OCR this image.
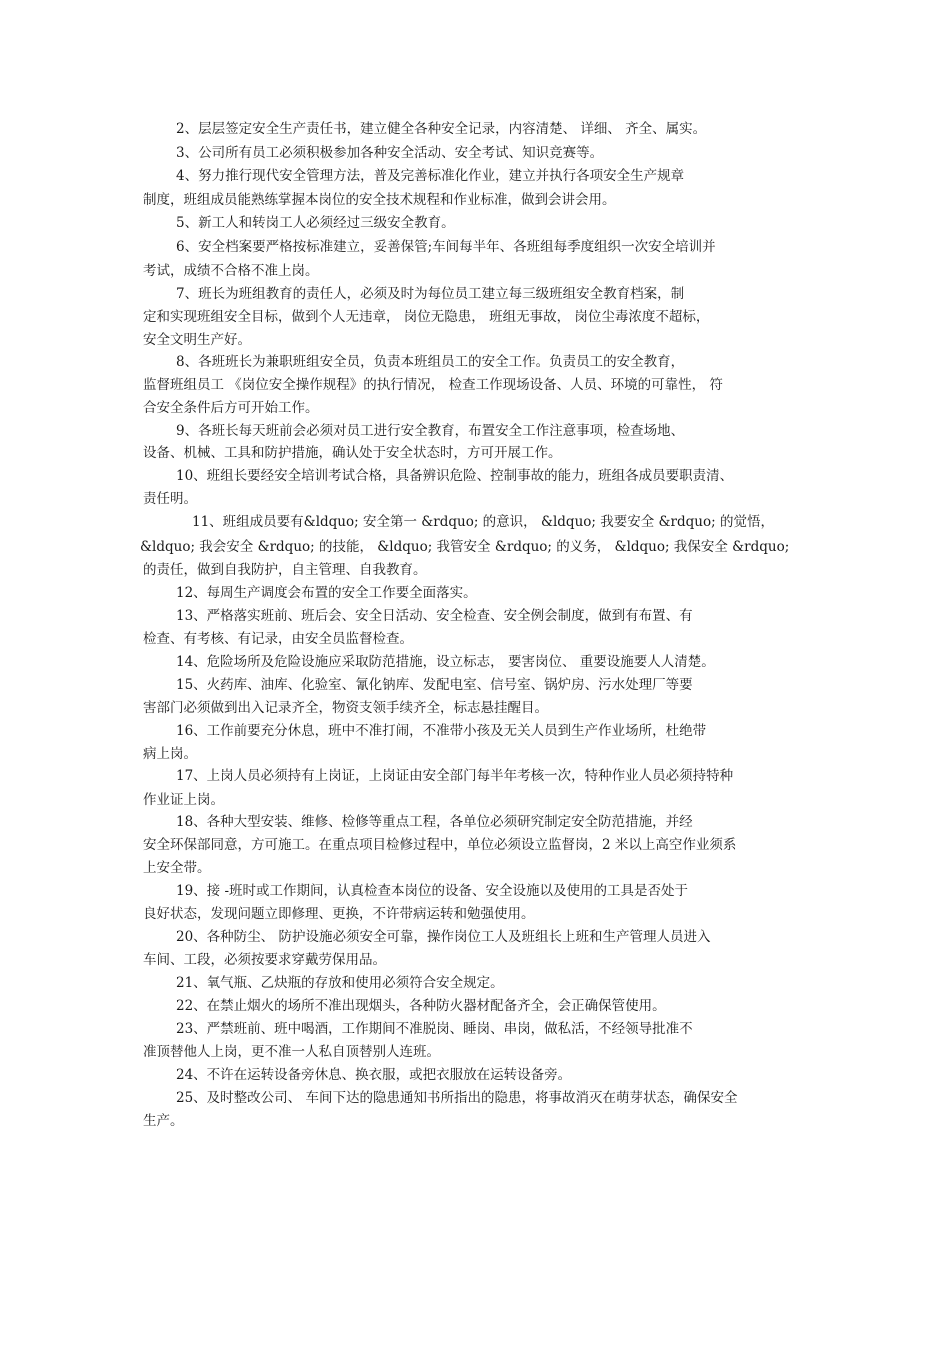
2、层层签定安全生产责任书，建立健全各种安全记录，内容清楚、 详细、 齐全、属实。
3、公司所有员工必须积极参加各种安全活动、安全考试、知识竞赛等。
4、努力推行现代安全管理方法，普及完善标准化作业，建立并执行各项安全生产规章
制度，班组成员能熟练掌握本岗位的安全技术规程和作业标准，做到会讲会用。
5、新工人和转岗工人必须经过三级安全教育。
6、安全档案要严格按标准建立，妥善保管;车间每半年、各班组每季度组织一次安全培训并
考试，成绩不合格不准上岗。
7、班长为班组教育的责任人，必须及时为每位员工建立每三级班组安全教育档案，制
定和实现班组安全目标，做到个人无违章， 岗位无隐患， 班组无事故， 岗位尘毒浓度不超标，
安全文明生产好。
8、各班班长为兼职班组安全员，负责本班组员工的安全工作。负责员工的安全教育，
监督班组员工 《岗位安全操作规程》的执行情况， 检查工作现场设备、人员、环境的可靠性， 符
合安全条件后方可开始工作。
9、各班长每天班前会必须对员工进行安全教育，布置安全工作注意事项，检查场地、
设备、机械、工具和防护措施，确认处于安全状态时，方可开展工作。
10、班组长要经安全培训考试合格，具备辨识危险、控制事故的能力，班组各成员要职责清、
责任明。
11、班组成员要有&ldquo; 安全第一 &rdquo; 的意识， &ldquo; 我要安全 &rdquo; 的觉悟，
&ldquo; 我会安全 &rdquo; 的技能， &ldquo; 我管安全 &rdquo; 的义务， &ldquo; 我保安全 &rdquo;
的责任，做到自我防护，自主管理、自我教育。
12、每周生产调度会布置的安全工作要全面落实。
13、严格落实班前、班后会、安全日活动、安全检查、安全例会制度，做到有布置、有
检查、有考核、有记录，由安全员监督检查。
14、危险场所及危险设施应采取防范措施，设立标志， 要害岗位、 重要设施要人人清楚。
15、火药库、油库、化验室、氰化钠库、发配电室、信号室、锅炉房、污水处理厂等要
害部门必须做到出入记录齐全，物资支领手续齐全，标志悬挂醒目。
16、工作前要充分休息，班中不准打闹，不准带小孩及无关人员到生产作业场所，杜绝带
病上岗。
17、上岗人员必须持有上岗证，上岗证由安全部门每半年考核一次，特种作业人员必须持特种
作业证上岗。
18、各种大型安装、维修、检修等重点工程，各单位必须研究制定安全防范措施，并经
安全环保部同意，方可施工。在重点项目检修过程中，单位必须设立监督岗，2 米以上高空作业须系
上安全带。
19、接 -班时或工作期间，认真检查本岗位的设备、安全设施以及使用的工具是否处于
良好状态，发现问题立即修理、更换，不许带病运转和勉强使用。
20、各种防尘、 防护设施必须安全可靠，操作岗位工人及班组长上班和生产管理人员进入
车间、工段，必须按要求穿戴劳保用品。
21、氧气瓶、乙炔瓶的存放和使用必须符合安全规定。
22、在禁止烟火的场所不准出现烟头，各种防火器材配备齐全，会正确保管使用。
23、严禁班前、班中喝酒，工作期间不准脱岗、睡岗、串岗，做私活，不经领导批准不
准顶替他人上岗，更不准一人私自顶替别人连班。
24、不许在运转设备旁休息、换衣服，或把衣服放在运转设备旁。
25、及时整改公司、 车间下达的隐患通知书所指出的隐患，将事故消灭在萌芽状态，确保安全
生产。
